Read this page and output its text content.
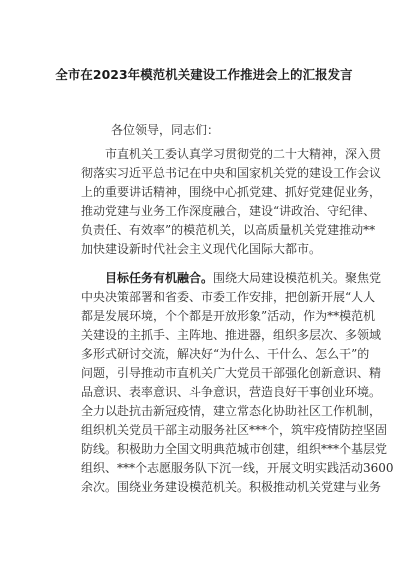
全市在2023年模范机关建设工作推进会上的汇报发言
各位领导，同志们：
市直机关工委认真学习贯彻党的二十大精神，深入贯
彻落实习近平总书记在中央和国家机关党的建设工作会议
上的重要讲话精神，围绕中心抓党建、抓好党建促业务，
推动党建与业务工作深度融合，建设“讲政治、守纪律、
负责任、有效率”的模范机关，以高质量机关党建推动**
加快建设新时代社会主义现代化国际大都市。
目标任务有机融合。围绕大局建设模范机关。聚焦党
中央决策部署和省委、市委工作安排，把创新开展“人人
都是发展环境，个个都是开放形象”活动，作为**模范机
关建设的主抓手、主阵地、推进器，组织多层次、多领域
多形式研讨交流，解决好“为什么、干什么、怎么干”的
问题，引导推动市直机关广大党员干部强化创新意识、精
品意识、表率意识、斗争意识，营造良好干事创业环境。
全力以赴抗击新冠疫情，建立常态化协助社区工作机制，
组织机关党员干部主动服务社区***个，筑牢疫情防控坚固
防线。积极助力全国文明典范城市创建，组织***个基层党
组织、***个志愿服务队下沉一线，开展文明实践活动3600
余次。围绕业务建设模范机关。积极推动机关党建与业务
